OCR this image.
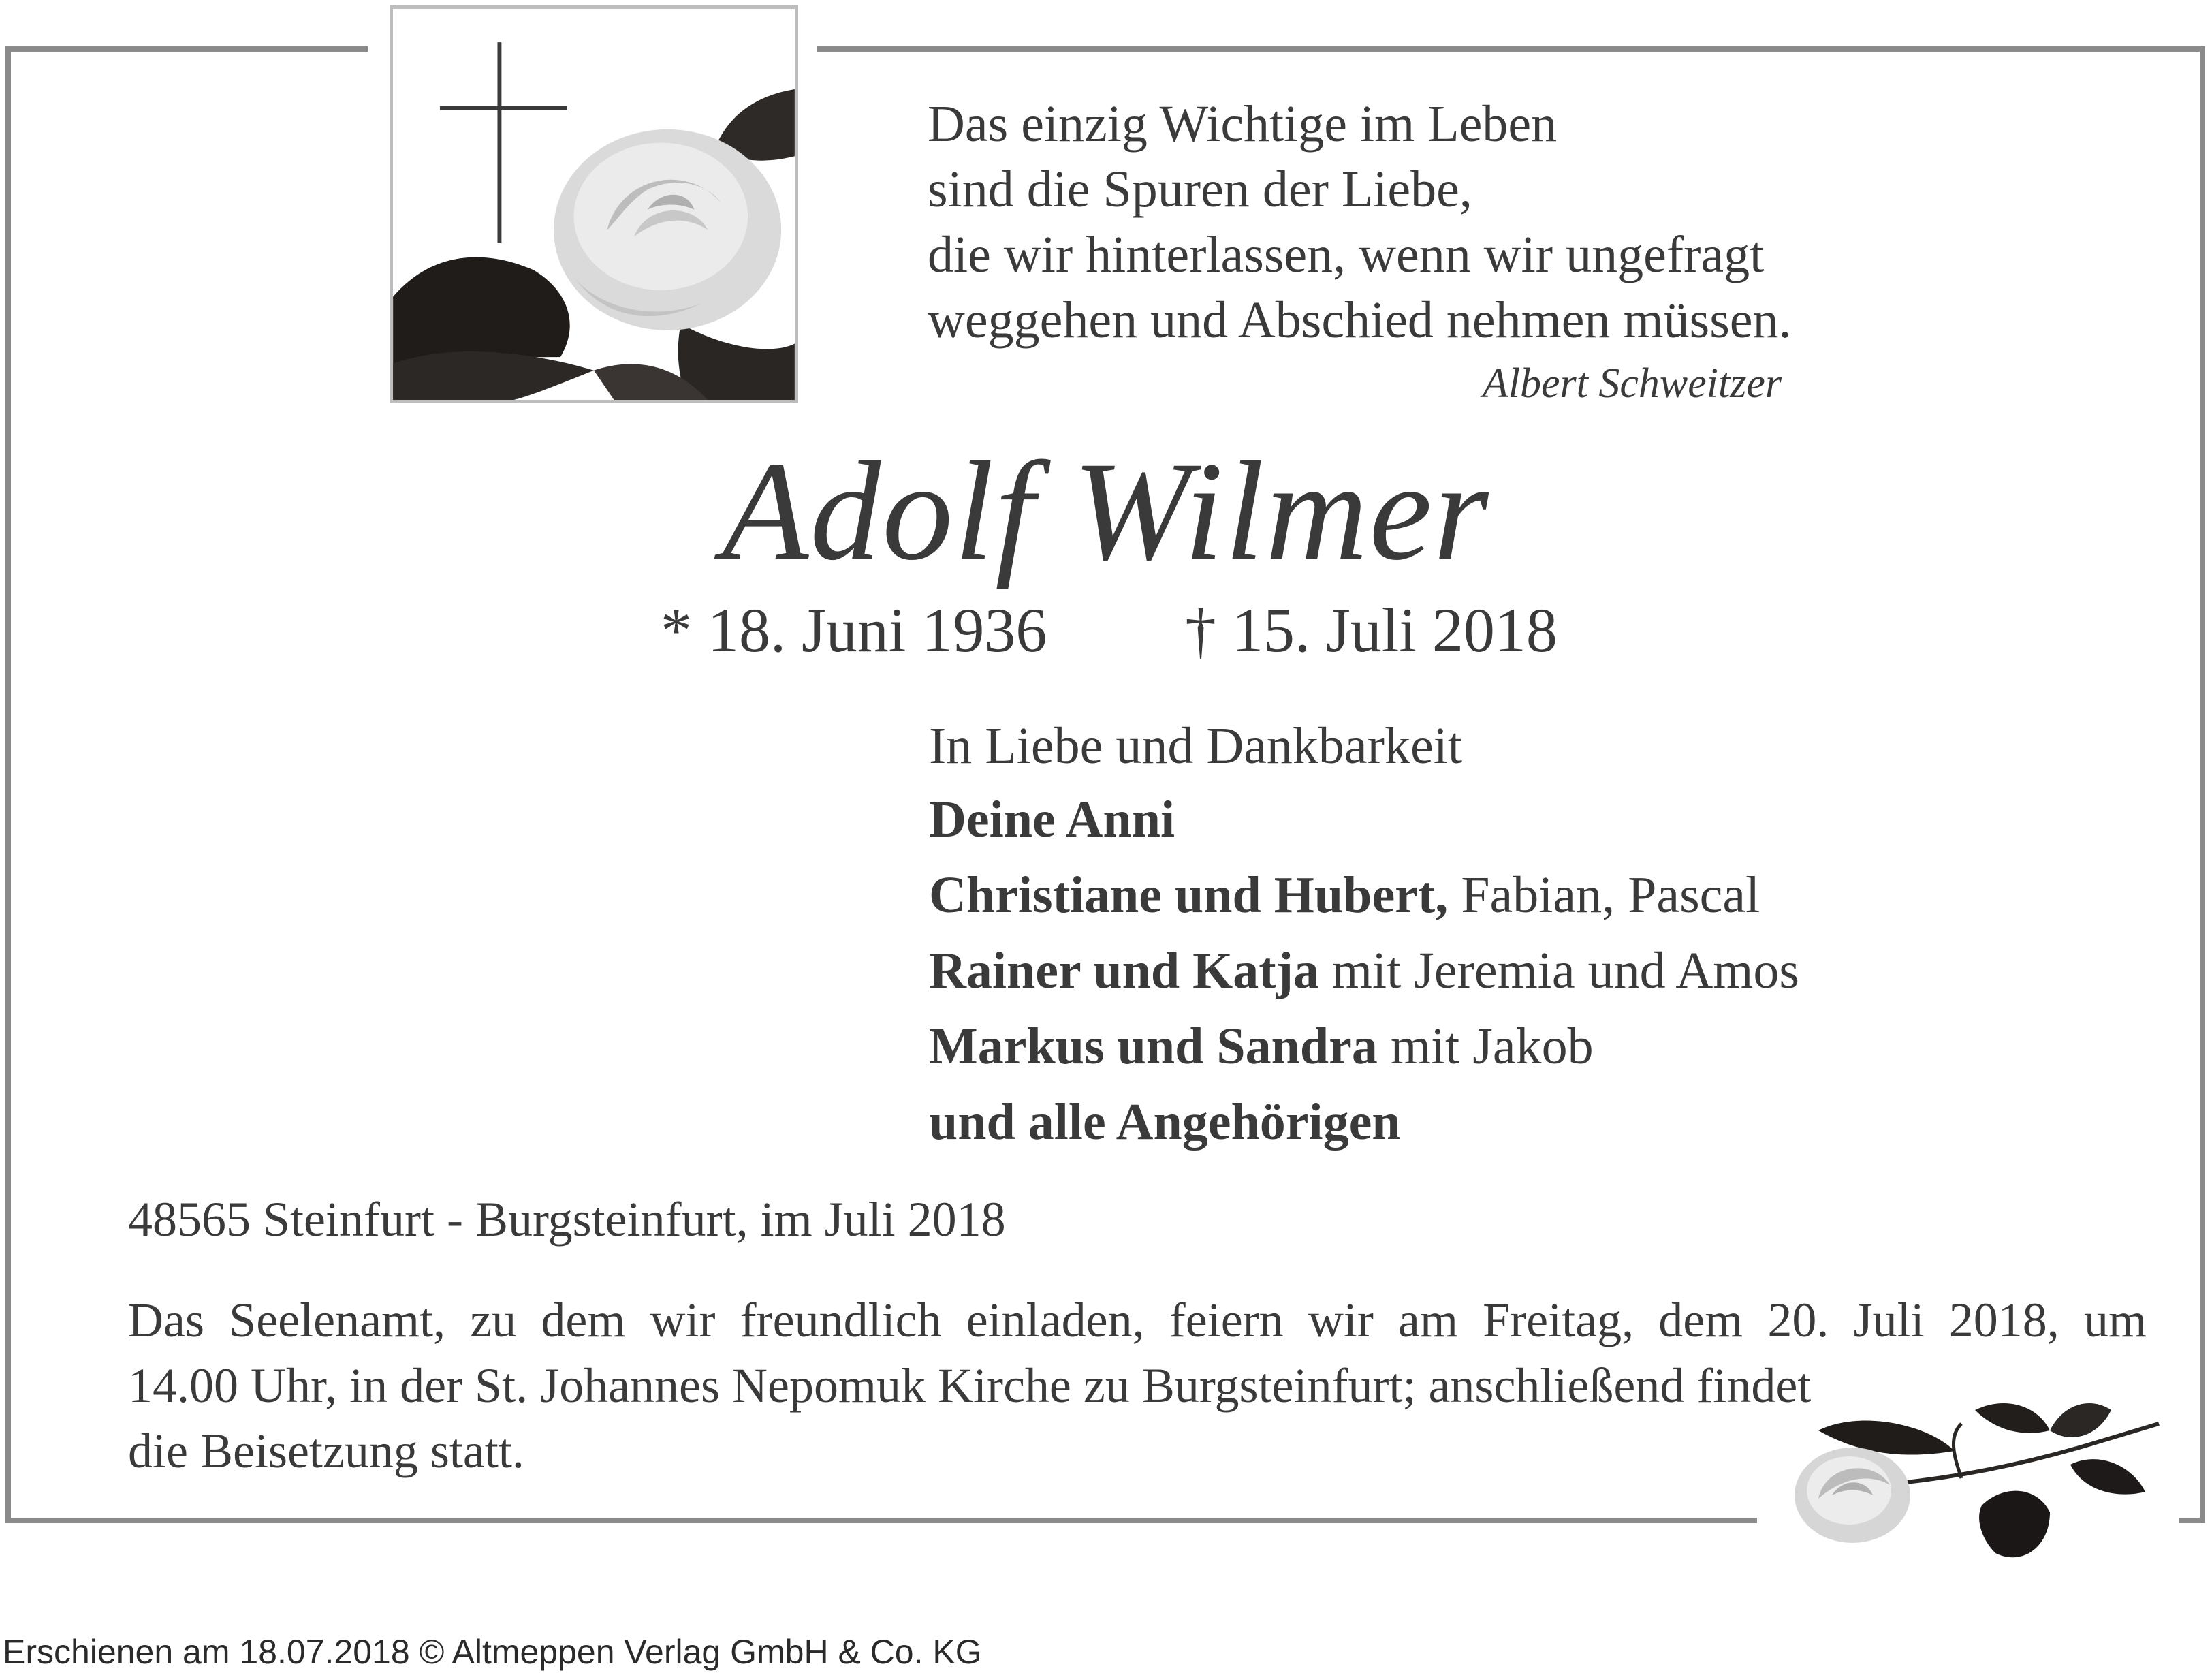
Das einzig Wichtige im Leben
sind die Spuren der Liebe,
die wir hinterlassen, wenn wir ungefragt
weggehen und Abschied nehmen müssen.
Albert Schweitzer
Adolf Wilmer
* 18. Juni 1936 † 15. Juli 2018
In Liebe und Dankbarkeit
Deine Anni
Christiane und Hubert, Fabian, Pascal
Rainer und Katja mit Jeremia und Amos
Markus und Sandra mit Jakob
und alle Angehörigen
48565 Steinfurt - Burgsteinfurt, im Juli 2018
Das Seelenamt, zu dem wir freundlich einladen, feiern wir am Freitag, dem 20. Juli 2018, um
14.00 Uhr, in der St. Johannes Nepomuk Kirche zu Burgsteinfurt; anschließend findet
die Beisetzung statt.
Erschienen am 18.07.2018 © Altmeppen Verlag GmbH & Co. KG
